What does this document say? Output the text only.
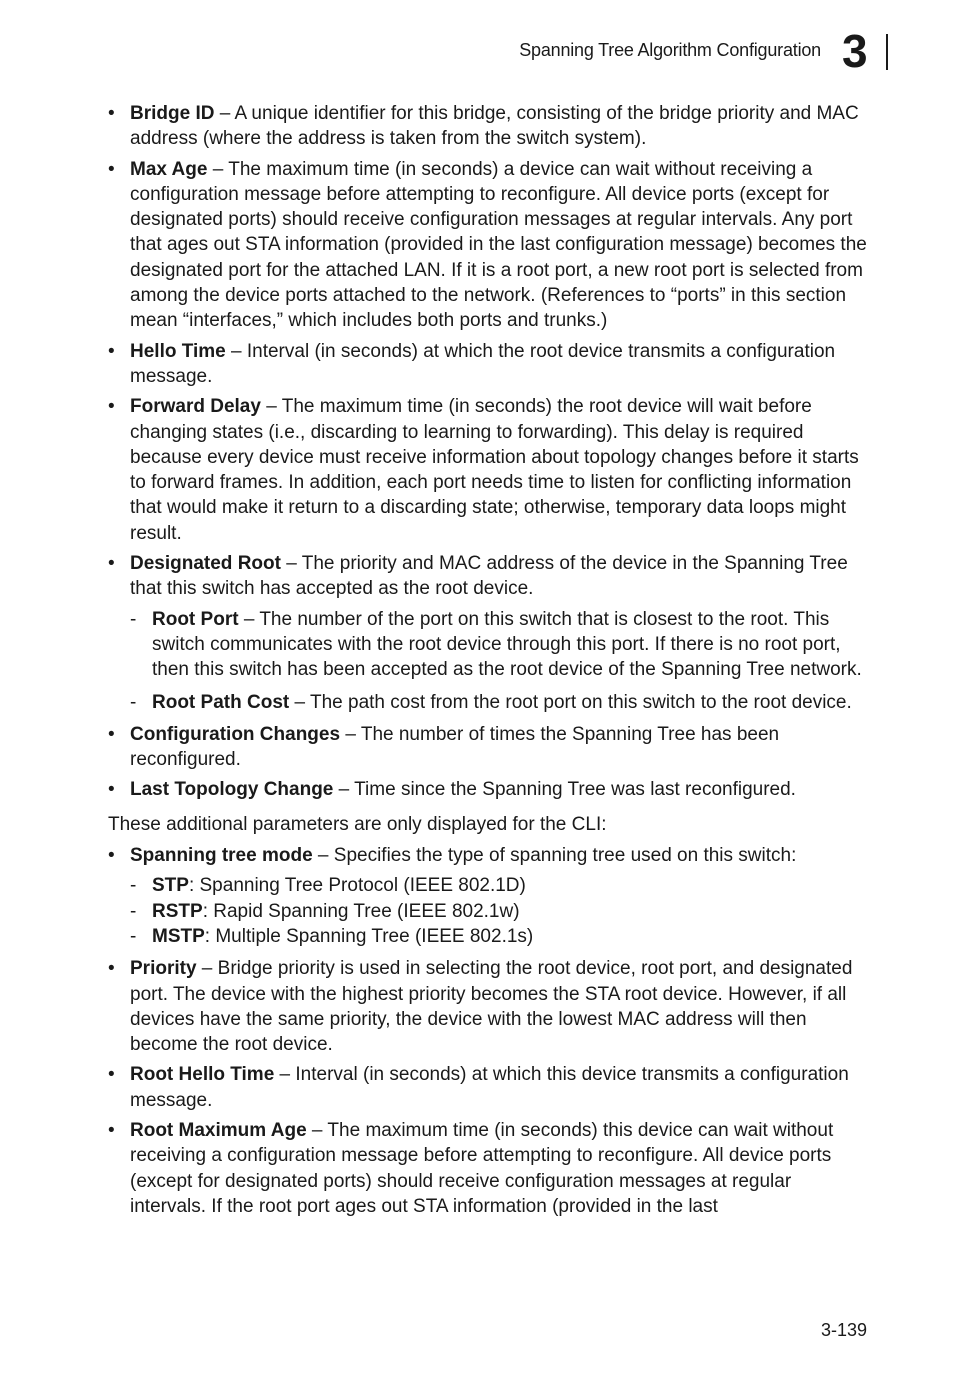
Spanning Tree Algorithm Configuration 3
• Bridge ID – A unique identifier for this bridge, consisting of the bridge priority and MAC address (where the address is taken from the switch system).
• Max Age – The maximum time (in seconds) a device can wait without receiving a configuration message before attempting to reconfigure. All device ports (except for designated ports) should receive configuration messages at regular intervals. Any port that ages out STA information (provided in the last configuration message) becomes the designated port for the attached LAN. If it is a root port, a new root port is selected from among the device ports attached to the network. (References to “ports” in this section mean “interfaces,” which includes both ports and trunks.)
• Hello Time – Interval (in seconds) at which the root device transmits a configuration message.
• Forward Delay – The maximum time (in seconds) the root device will wait before changing states (i.e., discarding to learning to forwarding). This delay is required because every device must receive information about topology changes before it starts to forward frames. In addition, each port needs time to listen for conflicting information that would make it return to a discarding state; otherwise, temporary data loops might result.
• Designated Root – The priority and MAC address of the device in the Spanning Tree that this switch has accepted as the root device.
- Root Port – The number of the port on this switch that is closest to the root. This switch communicates with the root device through this port. If there is no root port, then this switch has been accepted as the root device of the Spanning Tree network.
- Root Path Cost – The path cost from the root port on this switch to the root device.
• Configuration Changes – The number of times the Spanning Tree has been reconfigured.
• Last Topology Change – Time since the Spanning Tree was last reconfigured.
These additional parameters are only displayed for the CLI:
• Spanning tree mode – Specifies the type of spanning tree used on this switch:
- STP: Spanning Tree Protocol (IEEE 802.1D)
- RSTP: Rapid Spanning Tree (IEEE 802.1w)
- MSTP: Multiple Spanning Tree (IEEE 802.1s)
• Priority – Bridge priority is used in selecting the root device, root port, and designated port. The device with the highest priority becomes the STA root device. However, if all devices have the same priority, the device with the lowest MAC address will then become the root device.
• Root Hello Time – Interval (in seconds) at which this device transmits a configuration message.
• Root Maximum Age – The maximum time (in seconds) this device can wait without receiving a configuration message before attempting to reconfigure. All device ports (except for designated ports) should receive configuration messages at regular intervals. If the root port ages out STA information (provided in the last
3-139
